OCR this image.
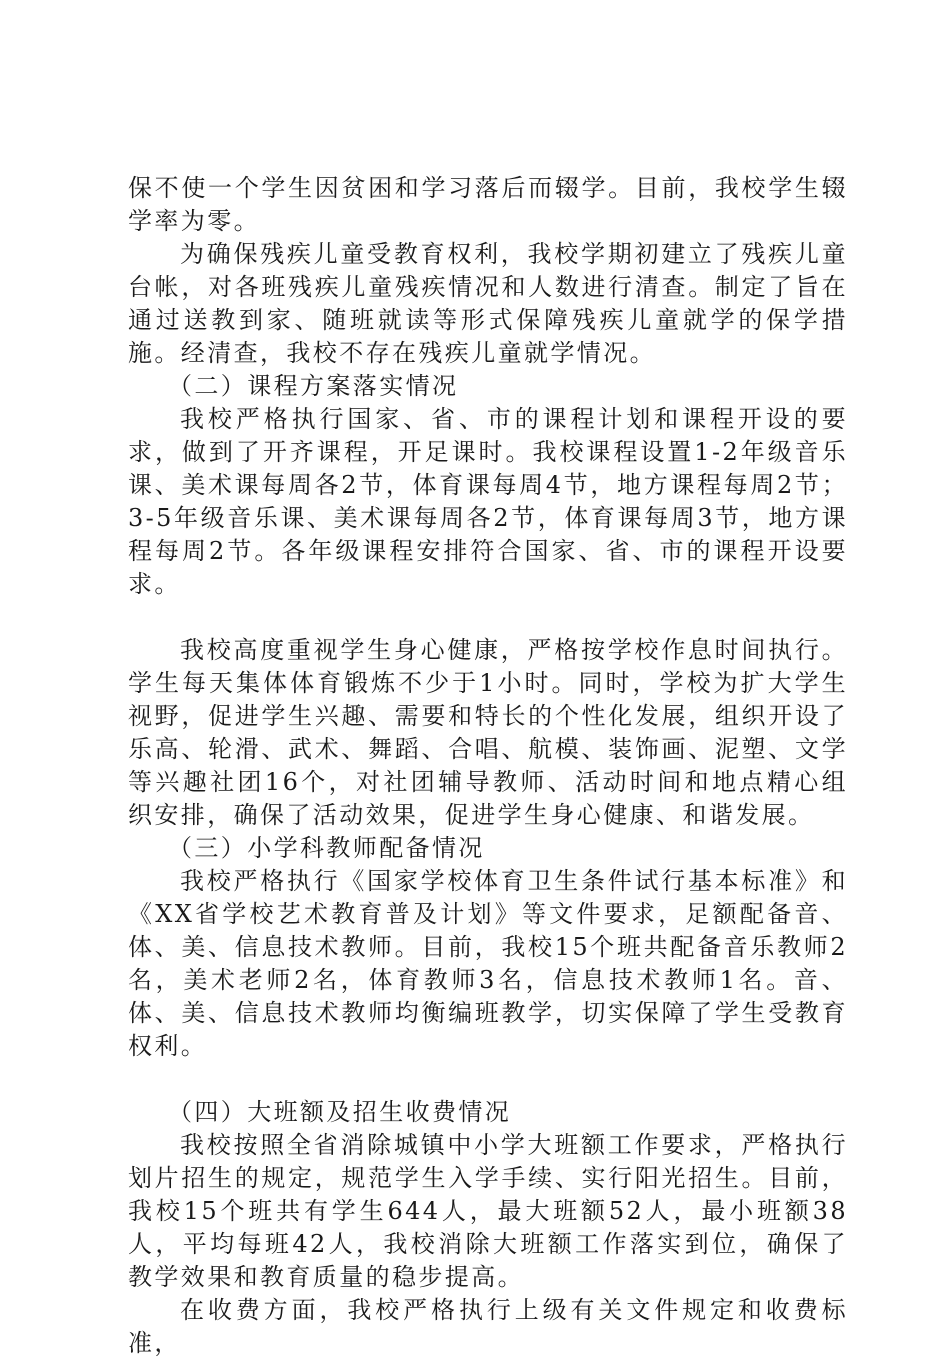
保不使一个学生因贫困和学习落后而辍学。目前，我校学生辍学率为零。

为确保残疾儿童受教育权利，我校学期初建立了残疾儿童台帐，对各班残疾儿童残疾情况和人数进行清查。制定了旨在通过送教到家、随班就读等形式保障残疾儿童就学的保学措施。经清查，我校不存在残疾儿童就学情况。

（二）课程方案落实情况

我校严格执行国家、省、市的课程计划和课程开设的要求，做到了开齐课程，开足课时。我校课程设置1-2年级音乐课、美术课每周各2节，体育课每周4节，地方课程每周2节；3-5年级音乐课、美术课每周各2节，体育课每周3节，地方课程每周2节。各年级课程安排符合国家、省、市的课程开设要求。

我校高度重视学生身心健康，严格按学校作息时间执行。学生每天集体体育锻炼不少于1小时。同时，学校为扩大学生视野，促进学生兴趣、需要和特长的个性化发展，组织开设了乐高、轮滑、武术、舞蹈、合唱、航模、装饰画、泥塑、文学等兴趣社团16个，对社团辅导教师、活动时间和地点精心组织安排，确保了活动效果，促进学生身心健康、和谐发展。

（三）小学科教师配备情况

我校严格执行《国家学校体育卫生条件试行基本标准》和《XX省学校艺术教育普及计划》等文件要求，足额配备音、体、美、信息技术教师。目前，我校15个班共配备音乐教师2名，美术老师2名，体育教师3名，信息技术教师1名。音、体、美、信息技术教师均衡编班教学，切实保障了学生受教育权利。

（四）大班额及招生收费情况

我校按照全省消除城镇中小学大班额工作要求，严格执行划片招生的规定，规范学生入学手续、实行阳光招生。目前，我校15个班共有学生644人，最大班额52人，最小班额38人，平均每班42人，我校消除大班额工作落实到位，确保了教学效果和教育质量的稳步提高。

在收费方面，我校严格执行上级有关文件规定和收费标准，
